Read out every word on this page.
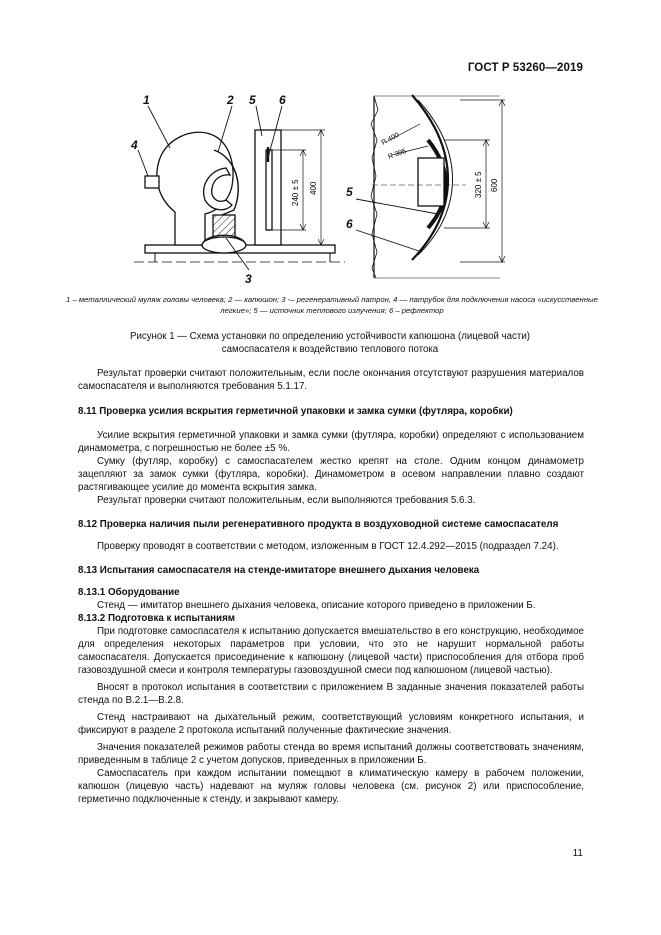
ГОСТ Р 53260—2019
1	2 5 6
4
3
240 ± 5 400
R 400
R 395
320 ± 5 600
5
6
1 – металлический муляж головы человека; 2 — капюшон; 3 -– регенеративный патрон, 4 — патрубок для подключения насоса «искусственные легкие»; 5 — источник теплового излучения; 6 – рефлектор
Рисунок 1 — Схема установки по определению устойчивости капюшона (лицевой части)
самоспасателя к воздействию теплового потока

Результат проверки считают положительным, если после окончания отсутствуют разрушения материалов самоспасателя и выполняются требования 5.1.17.

8.11 Проверка усилия вскрытия герметичной упаковки и замка сумки (футляра, коробки)

Усилие вскрытия герметичной упаковки и замка сумки (футляра, коробки) определяют с использованием динамометра, с погрешностью не более ±5 %.

Сумку (футляр, коробку) с самоспасателем жестко крепят на столе. Одним концом динамометр зацепляют за замок сумки (футляра, коробки). Динамометром в осевом направлении плавно создают растягивающее усилие до момента вскрытия замка.

Результат проверки считают положительным, если выполняются требования 5.6.3.

8.12 Проверка наличия пыли регенеративного продукта в воздуховодной системе самоспасателя

Проверку проводят в соответствии с методом, изложенным в ГОСТ 12.4.292—2015 (подраздел 7.24).

8.13 Испытания самоспасателя на стенде-имитаторе внешнего дыхания человека

8.13.1 Оборудование

Стенд — имитатор внешнего дыхания человека, описание которого приведено в приложении Б.

8.13.2 Подготовка к испытаниям

При подготовке самоспасателя к испытанию допускается вмешательство в его конструкцию, необходимое для определения некоторых параметров при условии, что это не нарушит нормальной работы самоспасателя. Допускается присоединение к капюшону (лицевой части) приспособления для отбора проб газовоздушной смеси и контроля температуры газовоздушной смеси под капюшоном (лицевой частью).

Вносят в протокол испытания в соответствии с приложением В заданные значения показателей работы стенда по В.2.1—В.2.8.

Стенд настраивают на дыхательный режим, соответствующий условиям конкретного испытания, и фиксируют в разделе 2 протокола испытаний полученные фактические значения.

Значения показателей режимов работы стенда во время испытаний должны соответствовать значениям, приведенным в таблице 2 с учетом допусков, приведенных в приложении Б.

Самоспасатель при каждом испытании помещают в климатическую камеру в рабочем положении, капюшон (лицевую часть) надевают на муляж головы человека (см. рисунок 2) или приспособление, герметично подключенные к стенду, и закрывают камеру.

11
